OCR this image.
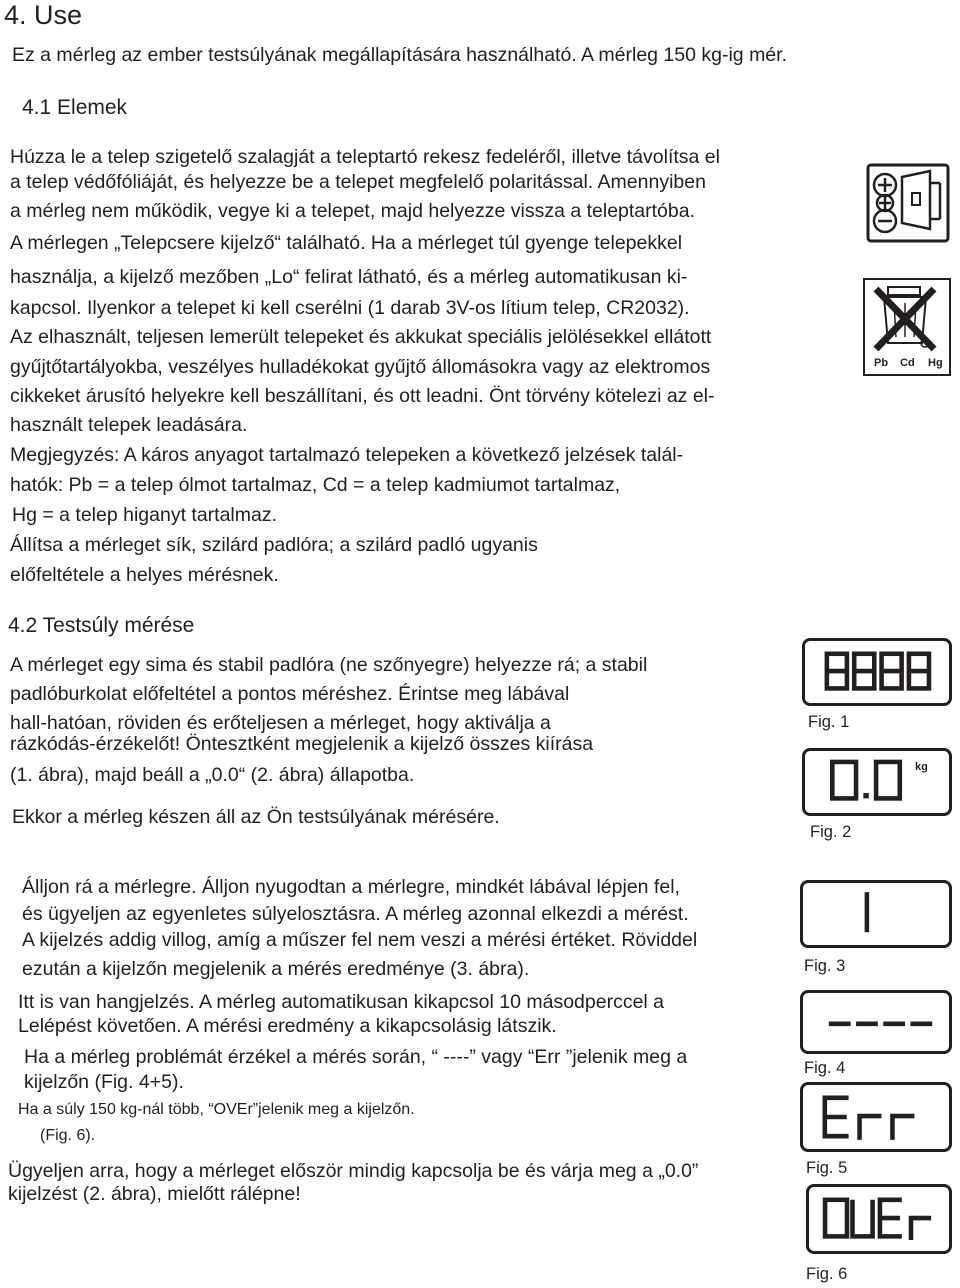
4. Use
Ez a mérleg az ember testsúlyának megállapítására használható. A mérleg 150 kg-ig mér.
4.1 Elemek
Húzza le a telep szigetelő szalagját a teleptartó rekesz fedeléről, illetve távolítsa el
a telep védőfóliáját, és helyezze be a telepet megfelelő polaritással. Amennyiben
a mérleg nem működik, vegye ki a telepet, majd helyezze vissza a teleptartóba.
A mérlegen „Telepcsere kijelző“ található. Ha a mérleget túl gyenge telepekkel
használja, a kijelző mezőben „Lo“ felirat látható, és a mérleg automatikusan ki-
kapcsol. Ilyenkor a telepet ki kell cserélni (1 darab 3V-os lítium telep, CR2032).
Az elhasznált, teljesen lemerült telepeket és akkukat speciális jelölésekkel ellátott
gyűjtőtartályokba, veszélyes hulladékokat gyűjtő állomásokra vagy az elektromos
cikkeket árusító helyekre kell beszállítani, és ott leadni. Önt törvény kötelezi az el-
használt telepek leadására.
Megjegyzés: A káros anyagot tartalmazó telepeken a következő jelzések talál-
hatók: Pb = a telep ólmot tartalmaz, Cd = a telep kadmiumot tartalmaz,
Hg = a telep higanyt tartalmaz.
Állítsa a mérleget sík, szilárd padlóra; a szilárd padló ugyanis
előfeltétele a helyes mérésnek.
Pb Cd Hg
4.2 Testsúly mérése
A mérleget egy sima és stabil padlóra (ne szőnyegre) helyezze rá; a stabil
padlóburkolat előfeltétel a pontos méréshez. Érintse meg lábával
hall-hatóan, röviden és erőteljesen a mérleget, hogy aktiválja a
rázkódás-érzékelőt! Öntesztként megjelenik a kijelző összes kiírása
(1. ábra), majd beáll a „0.0“ (2. ábra) állapotba.
Ekkor a mérleg készen áll az Ön testsúlyának mérésére.
Álljon rá a mérlegre. Álljon nyugodtan a mérlegre, mindkét lábával lépjen fel,
és ügyeljen az egyenletes súlyelosztásra. A mérleg azonnal elkezdi a mérést.
A kijelzés addig villog, amíg a műszer fel nem veszi a mérési értéket. Röviddel
ezután a kijelzőn megjelenik a mérés eredménye (3. ábra).
Itt is van hangjelzés. A mérleg automatikusan kikapcsol 10 másodperccel a
Lelépést követően. A mérési eredmény a kikapcsolásig látszik.
Ha a mérleg problémát érzékel a mérés során, “ ----” vagy “Err ”jelenik meg a
kijelzőn (Fig. 4+5).
Ha a súly 150 kg-nál több, “OVEr”jelenik meg a kijelzőn.
(Fig. 6).
Ügyeljen arra, hogy a mérleget először mindig kapcsolja be és várja meg a „0.0”
kijelzést (2. ábra), mielőtt rálépne!
Fig. 1
kg
Fig. 2
Fig. 3
Fig. 4
Fig. 5
Fig. 6
